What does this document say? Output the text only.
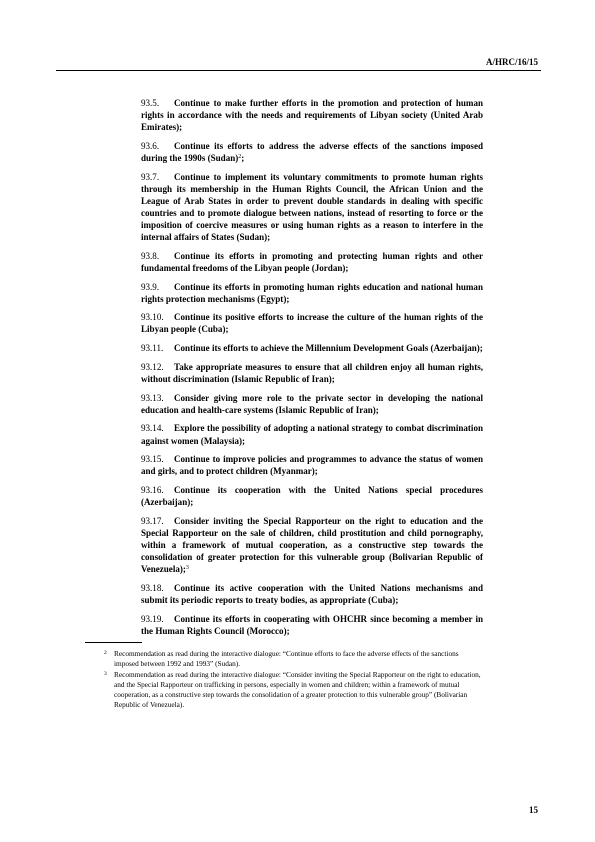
A/HRC/16/15

93.5. Continue to make further efforts in the promotion and protection of human rights in accordance with the needs and requirements of Libyan society (United Arab Emirates);

93.6. Continue its efforts to address the adverse effects of the sanctions imposed during the 1990s (Sudan)$^2$;

93.7. Continue to implement its voluntary commitments to promote human rights through its membership in the Human Rights Council, the African Union and the League of Arab States in order to prevent double standards in dealing with specific countries and to promote dialogue between nations, instead of resorting to force or the imposition of coercive measures or using human rights as a reason to interfere in the internal affairs of States (Sudan);

93.8. Continue its efforts in promoting and protecting human rights and other fundamental freedoms of the Libyan people (Jordan);

93.9. Continue its efforts in promoting human rights education and national human rights protection mechanisms (Egypt);

93.10. Continue its positive efforts to increase the culture of the human rights of the Libyan people (Cuba);

93.11. Continue its efforts to achieve the Millennium Development Goals (Azerbaijan);

93.12. Take appropriate measures to ensure that all children enjoy all human rights, without discrimination (Islamic Republic of Iran);

93.13. Consider giving more role to the private sector in developing the national education and health-care systems (Islamic Republic of Iran);

93.14. Explore the possibility of adopting a national strategy to combat discrimination against women (Malaysia);

93.15. Continue to improve policies and programmes to advance the status of women and girls, and to protect children (Myanmar);

93.16. Continue its cooperation with the United Nations special procedures (Azerbaijan);

93.17. Consider inviting the Special Rapporteur on the right to education and the Special Rapporteur on the sale of children, child prostitution and child pornography, within a framework of mutual cooperation, as a constructive step towards the consolidation of greater protection for this vulnerable group (Bolivarian Republic of Venezuela);$^3$

93.18. Continue its active cooperation with the United Nations mechanisms and submit its periodic reports to treaty bodies, as appropriate (Cuba);

93.19. Continue its efforts in cooperating with OHCHR since becoming a member in the Human Rights Council (Morocco);

2 Recommendation as read during the interactive dialogue: “Continue efforts to face the adverse effects of the sanctions imposed between 1992 and 1993” (Sudan).
3 Recommendation as read during the interactive dialogue: “Consider inviting the Special Rapporteur on the right to education, and the Special Rapporteur on trafficking in persons, especially in women and children; within a framework of mutual cooperation, as a constructive step towards the consolidation of a greater protection to this vulnerable group” (Bolivarian Republic of Venezuela).
15
